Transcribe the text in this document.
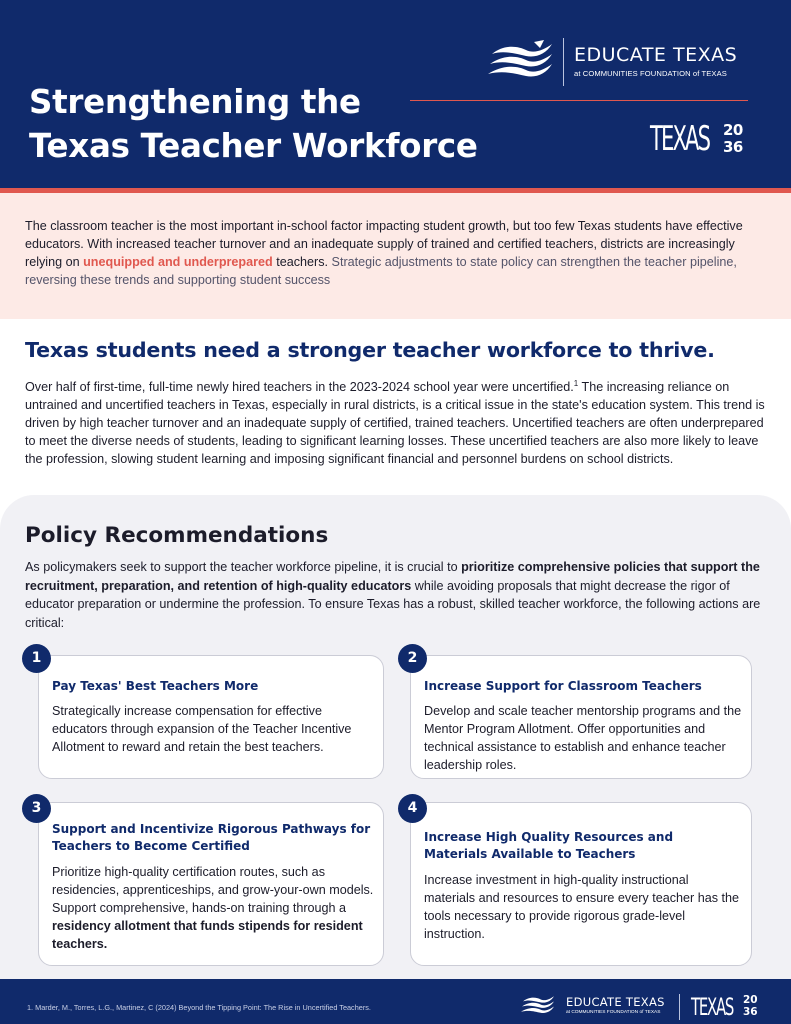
Strengthening the
Texas Teacher Workforce
EDUCATE TEXAS
at COMMUNITIES FOUNDATION of TEXAS
TEXAS 20
36
The classroom teacher is the most important in-school factor impacting student growth, but too few Texas students have effective educators. With increased teacher turnover and an inadequate supply of trained and certified teachers, districts are increasingly relying on unequipped and underprepared teachers. Strategic adjustments to state policy can strengthen the teacher pipeline, reversing these trends and supporting student success
Texas students need a stronger teacher workforce to thrive.
Over half of first-time, full-time newly hired teachers in the 2023-2024 school year were uncertified.$^1$ The increasing reliance on untrained and uncertified teachers in Texas, especially in rural districts, is a critical issue in the state's education system. This trend is driven by high teacher turnover and an inadequate supply of certified, trained teachers. Uncertified teachers are often underprepared to meet the diverse needs of students, leading to significant learning losses. These uncertified teachers are also more likely to leave the profession, slowing student learning and imposing significant financial and personnel burdens on school districts.
Policy Recommendations
As policymakers seek to support the teacher workforce pipeline, it is crucial to prioritize comprehensive policies that support the recruitment, preparation, and retention of high-quality educators while avoiding proposals that might decrease the rigor of educator preparation or undermine the profession. To ensure Texas has a robust, skilled teacher workforce, the following actions are critical:
Pay Texas' Best Teachers More

Strategically increase compensation for effective educators through expansion of the Teacher Incentive Allotment to reward and retain the best teachers.

1
Increase Support for Classroom Teachers

Develop and scale teacher mentorship programs and the Mentor Program Allotment. Offer opportunities and technical assistance to establish and enhance teacher leadership roles.

2
Support and Incentivize Rigorous Pathways for Teachers to Become Certified

Prioritize high-quality certification routes, such as residencies, apprenticeships, and grow-your-own models. Support comprehensive, hands-on training through a residency allotment that funds stipends for resident teachers.

3
Increase High Quality Resources and Materials Available to Teachers

Increase investment in high-quality instructional materials and resources to ensure every teacher has the tools necessary to provide rigorous grade-level instruction.

4
1. Marder, M., Torres, L.G., Martinez, C (2024) Beyond the Tipping Point: The Rise in Uncertified Teachers.	EDUCATE TEXAS
at COMMUNITIES FOUNDATION of TEXAS TEXAS 20
36
